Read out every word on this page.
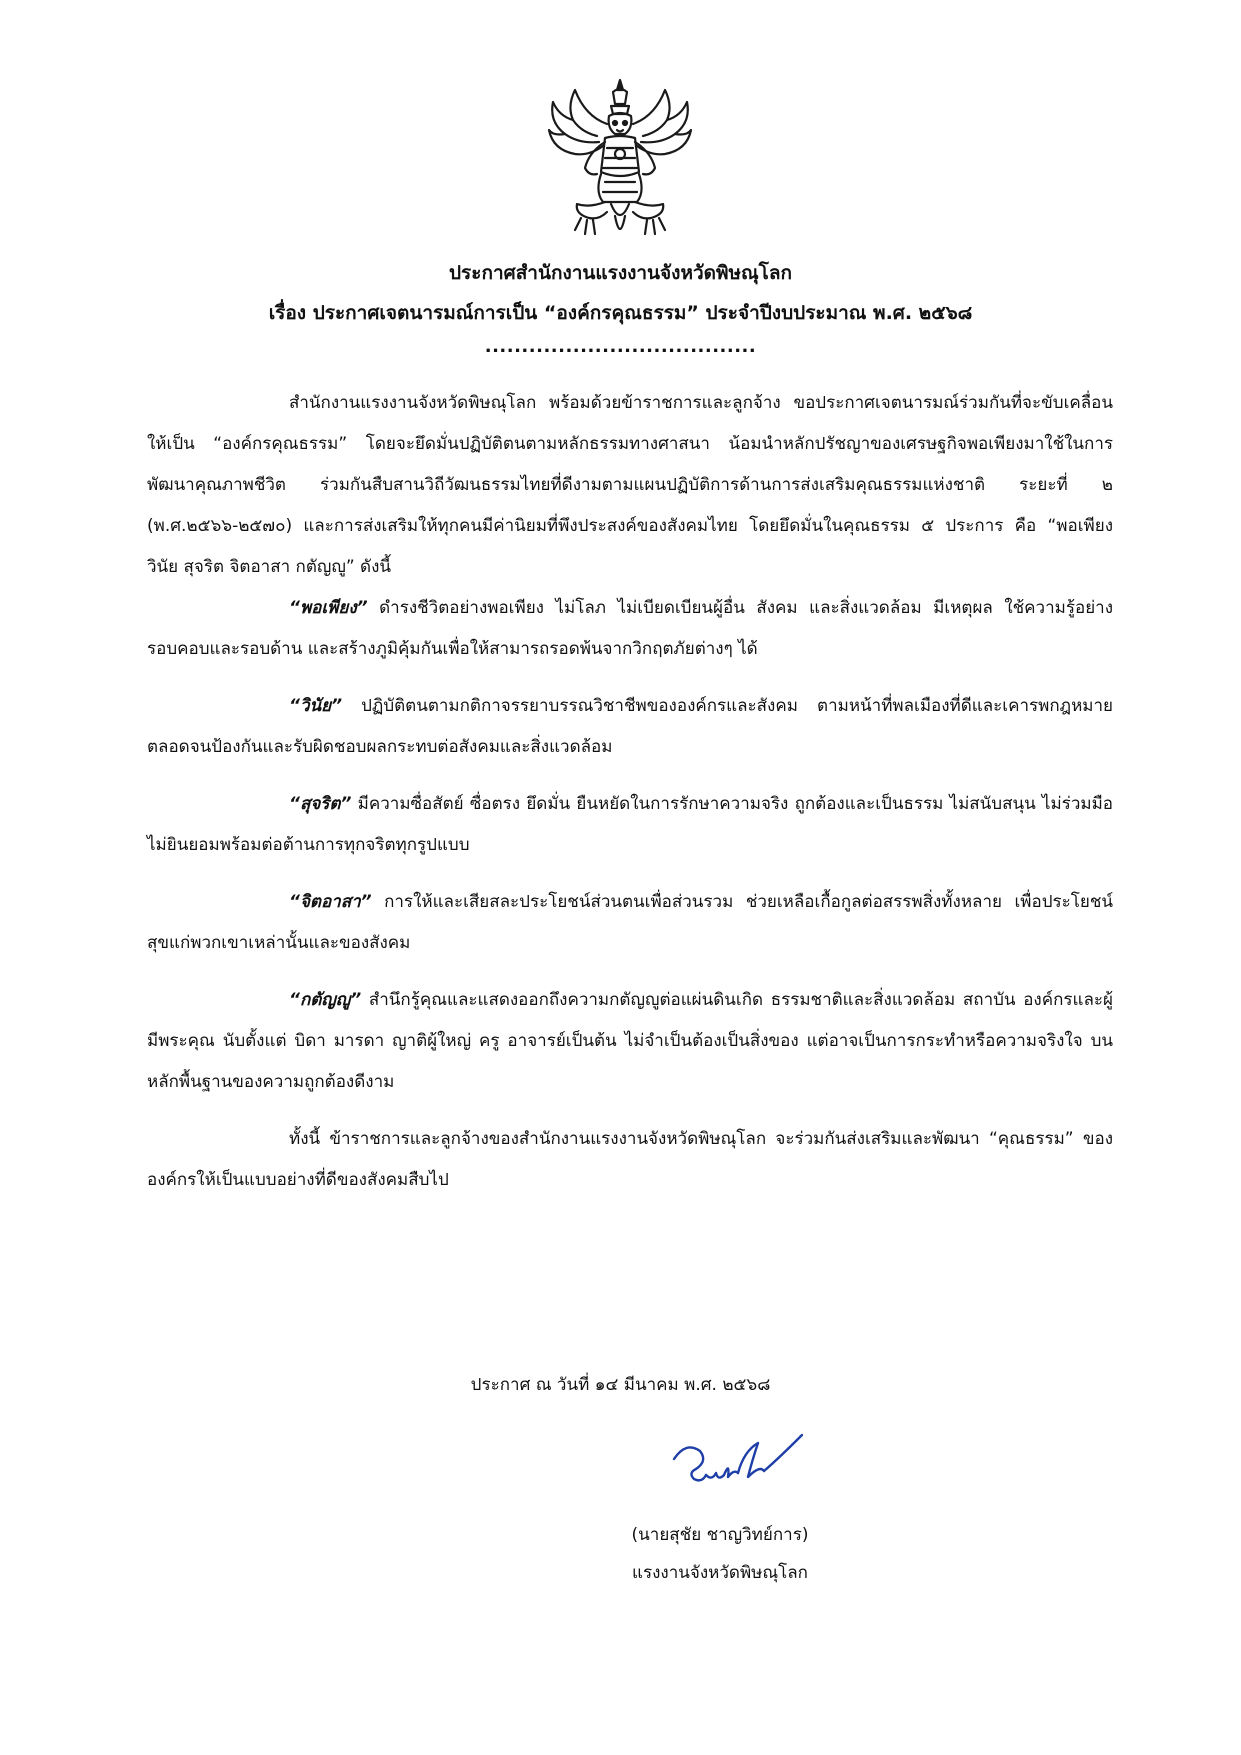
ประกาศสำนักงานแรงงานจังหวัดพิษณุโลก
เรื่อง ประกาศเจตนารมณ์การเป็น “องค์กรคุณธรรม” ประจำปีงบประมาณ พ.ศ. ๒๕๖๘
.....................................

สำนักงานแรงงานจังหวัดพิษณุโลก พร้อมด้วยข้าราชการและลูกจ้าง ขอประกาศเจตนารมณ์ร่วมกันที่จะขับเคลื่อนให้เป็น “องค์กรคุณธรรม” โดยจะยึดมั่นปฏิบัติตนตามหลักธรรมทางศาสนา น้อมนำหลักปรัชญาของเศรษฐกิจพอเพียงมาใช้ในการพัฒนาคุณภาพชีวิต ร่วมกันสืบสานวิถีวัฒนธรรมไทยที่ดีงามตามแผนปฏิบัติการด้านการส่งเสริมคุณธรรมแห่งชาติ ระยะที่ ๒ (พ.ศ.๒๕๖๖-๒๕๗๐) และการส่งเสริมให้ทุกคนมีค่านิยมที่พึงประสงค์ของสังคมไทย โดยยึดมั่นในคุณธรรม ๕ ประการ คือ “พอเพียง วินัย สุจริต จิตอาสา กตัญญู” ดังนี้

“พอเพียง” ดำรงชีวิตอย่างพอเพียง ไม่โลภ ไม่เบียดเบียนผู้อื่น สังคม และสิ่งแวดล้อม มีเหตุผล ใช้ความรู้อย่างรอบคอบและรอบด้าน และสร้างภูมิคุ้มกันเพื่อให้สามารถรอดพ้นจากวิกฤตภัยต่างๆ ได้

“วินัย” ปฏิบัติตนตามกติกาจรรยาบรรณวิชาชีพขององค์กรและสังคม ตามหน้าที่พลเมืองที่ดีและเคารพกฎหมาย ตลอดจนป้องกันและรับผิดชอบผลกระทบต่อสังคมและสิ่งแวดล้อม

“สุจริต” มีความซื่อสัตย์ ซื่อตรง ยึดมั่น ยืนหยัดในการรักษาความจริง ถูกต้องและเป็นธรรม ไม่สนับสนุน ไม่ร่วมมือ ไม่ยินยอมพร้อมต่อต้านการทุกจริตทุกรูปแบบ

“จิตอาสา” การให้และเสียสละประโยชน์ส่วนตนเพื่อส่วนรวม ช่วยเหลือเกื้อกูลต่อสรรพสิ่งทั้งหลาย เพื่อประโยชน์สุขแก่พวกเขาเหล่านั้นและของสังคม

“กตัญญู” สำนึกรู้คุณและแสดงออกถึงความกตัญญูต่อแผ่นดินเกิด ธรรมชาติและสิ่งแวดล้อม สถาบัน องค์กรและผู้มีพระคุณ นับตั้งแต่ บิดา มารดา ญาติผู้ใหญ่ ครู อาจารย์เป็นต้น ไม่จำเป็นต้องเป็นสิ่งของ แต่อาจเป็นการกระทำหรือความจริงใจ บนหลักพื้นฐานของความถูกต้องดีงาม

ทั้งนี้ ข้าราชการและลูกจ้างของสำนักงานแรงงานจังหวัดพิษณุโลก จะร่วมกันส่งเสริมและพัฒนา “คุณธรรม” ขององค์กรให้เป็นแบบอย่างที่ดีของสังคมสืบไป

ประกาศ ณ วันที่ ๑๔ มีนาคม พ.ศ. ๒๕๖๘
(นายสุชัย ชาญวิทย์การ)
แรงงานจังหวัดพิษณุโลก
